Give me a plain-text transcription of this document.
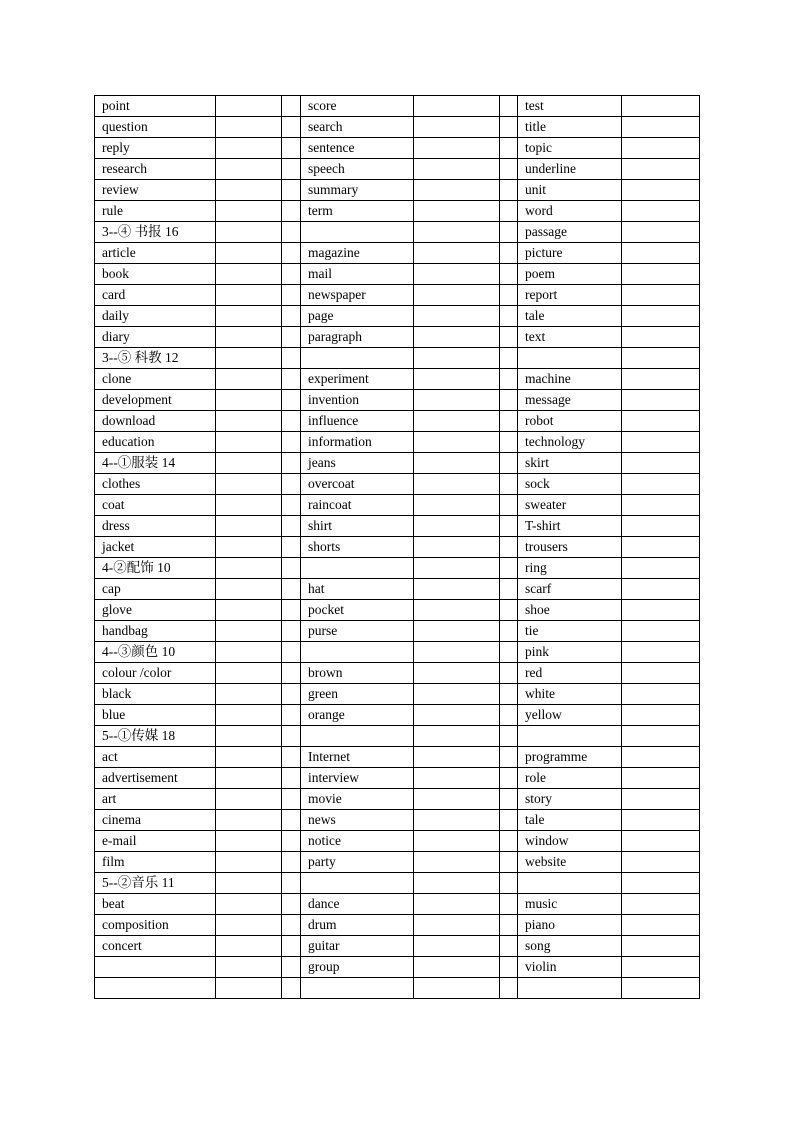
point			score			test	
question			search			title	
reply			sentence			topic	
research			speech			underline	
review			summary			unit	
rule			term			word	
3--④ 书报 16						passage	
article			magazine			picture	
book			mail			poem	
card			newspaper			report	
daily			page			tale	
diary			paragraph			text	
3--⑤ 科教 12							
clone			experiment			machine	
development			invention			message	
download			influence			robot	
education			information			technology	
4--①服装 14			jeans			skirt	
clothes			overcoat			sock	
coat			raincoat			sweater	
dress			shirt			T-shirt	
jacket			shorts			trousers	
4-②配饰 10						ring	
cap			hat			scarf	
glove			pocket			shoe	
handbag			purse			tie	
4--③颜色 10						pink	
colour /color			brown			red	
black			green			white	
blue			orange			yellow	
5--①传媒 18							
act			Internet			programme	
advertisement			interview			role	
art			movie			story	
cinema			news			tale	
e-mail			notice			window	
film			party			website	
5--②音乐 11							
beat			dance			music	
composition			drum			piano	
concert			guitar			song	
			group			violin	
